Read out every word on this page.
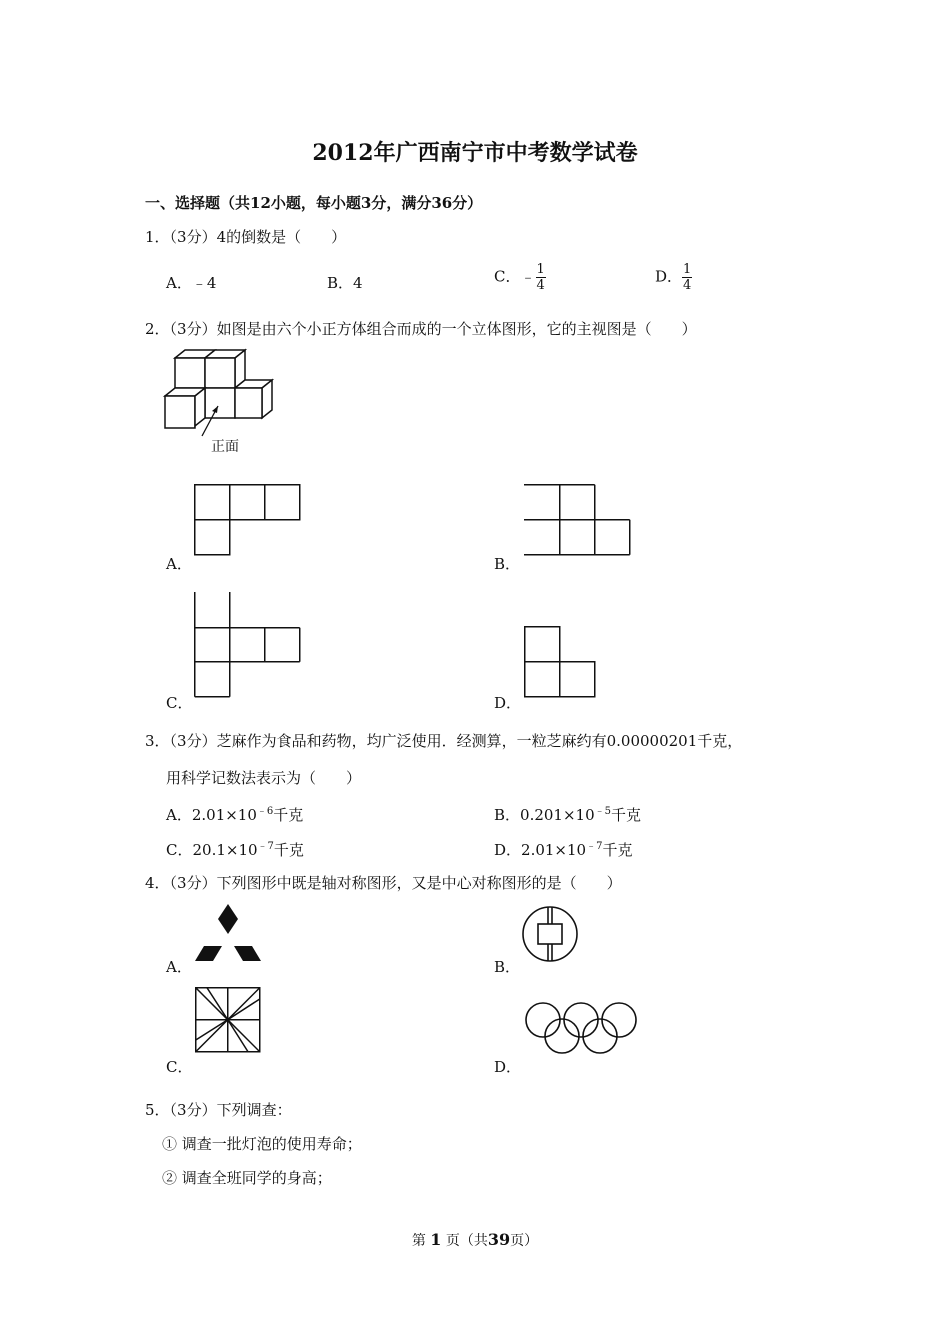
2012年广西南宁市中考数学试卷
一、选择题（共12小题，每小题3分，满分36分）
1．（3分）4的倒数是（　　）
A．﹣4	B．4	C．﹣ $\frac{1}{4}$	D． $\frac{1}{4}$
2．（3分）如图是由六个小正方体组合而成的一个立体图形，它的主视图是（　　）
正面
A．	B．
C．	D．
3．（3分）芝麻作为食品和药物，均广泛使用．经测算，一粒芝麻约有0.00000201千克，
用科学记数法表示为（　　）
A．$2.01\times 10^{﹣6}$千克	B．$0.201\times 10^{﹣5}$千克
C．$20.1\times 10^{﹣7}$千克	D．$2.01\times 10^{﹣7}$千克
4．（3分）下列图形中既是轴对称图形，又是中心对称图形的是（　　）
A．	B．
C．	D．
5．（3分）下列调查：
① 调查一批灯泡的使用寿命；
② 调查全班同学的身高；
第 1 页（共39页）
